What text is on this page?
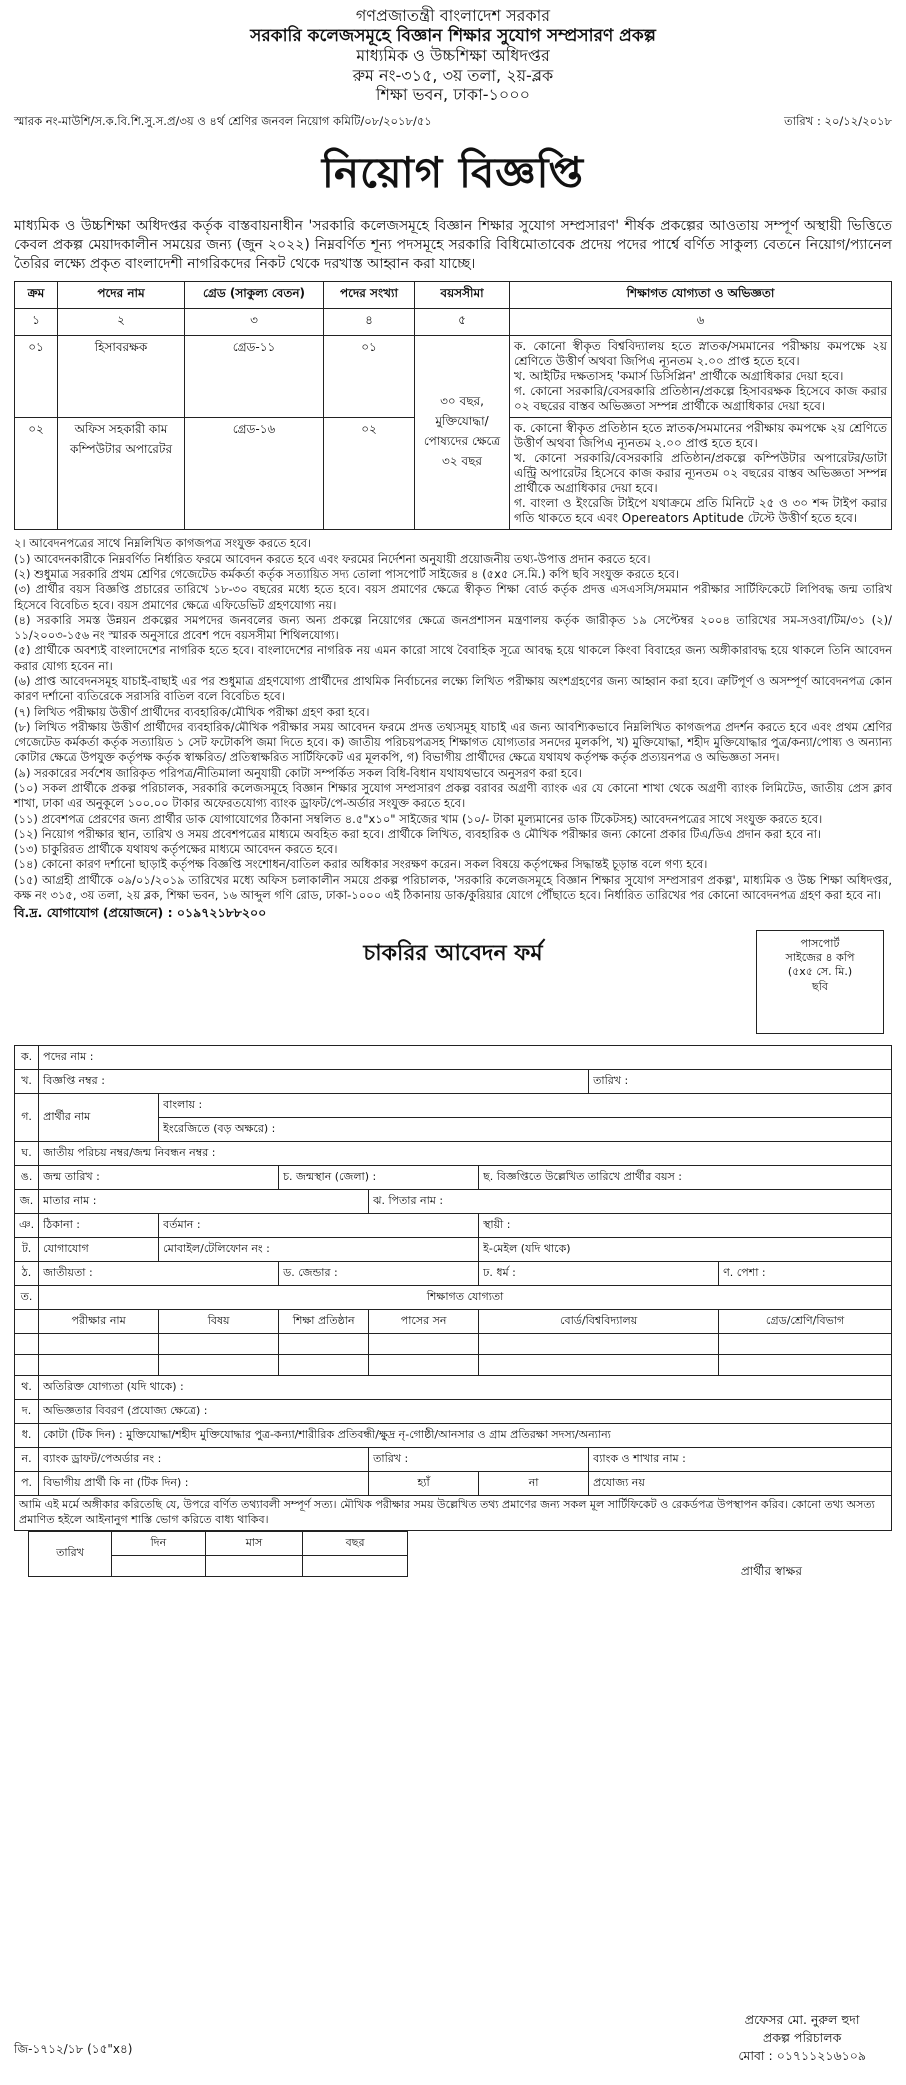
গণপ্রজাতন্ত্রী বাংলাদেশ সরকার
সরকারি কলেজসমূহে বিজ্ঞান শিক্ষার সুযোগ সম্প্রসারণ প্রকল্প
মাধ্যমিক ও উচ্চশিক্ষা অধিদপ্তর
রুম নং-৩১৫, ৩য় তলা, ২য়-ব্লক
শিক্ষা ভবন, ঢাকা-১০০০
স্মারক নং-মাউশি/স.ক.বি.শি.সু.স.প্র/৩য় ও ৪র্থ শ্রেণির জনবল নিয়োগ কমিটি/০৮/২০১৮/৫১	তারিখ : ২০/১২/২০১৮
নিয়োগ বিজ্ঞপ্তি
মাধ্যমিক ও উচ্চশিক্ষা অধিদপ্তর কর্তৃক বাস্তবায়নাধীন 'সরকারি কলেজসমূহে বিজ্ঞান শিক্ষার সুযোগ সম্প্রসারণ' শীর্ষক প্রকল্পের আওতায় সম্পূর্ণ অস্থায়ী ভিত্তিতে কেবল প্রকল্প মেয়াদকালীন সময়ের জন্য (জুন ২০২২) নিম্নবর্ণিত শূন্য পদসমূহে সরকারি বিধিমোতাবেক প্রদেয় পদের পার্শ্বে বর্ণিত সাকুল্য বেতনে নিয়োগ/প্যানেল তৈরির লক্ষ্যে প্রকৃত বাংলাদেশী নাগরিকদের নিকট থেকে দরখাস্ত আহ্বান করা যাচ্ছে।
ক্রম	পদের নাম	গ্রেড (সাকুল্য বেতন)	পদের সংখ্যা	বয়সসীমা	শিক্ষাগত যোগ্যতা ও অভিজ্ঞতা
১	২	৩	৪	৫	৬
০১	হিসাবরক্ষক	গ্রেড-১১	০১	৩০ বছর, মুক্তিযোদ্ধা/পোষ্যদের ক্ষেত্রে ৩২ বছর	ক. কোনো স্বীকৃত বিশ্ববিদ্যালয় হতে স্নাতক/সমমানের পরীক্ষায় কমপক্ষে ২য় শ্রেণিতে উত্তীর্ণ অথবা জিপিএ ন্যূনতম ২.০০ প্রাপ্ত হতে হবে।
খ. আইটির দক্ষতাসহ 'কমার্স ডিসিপ্লিন' প্রার্থীকে অগ্রাধিকার দেয়া হবে।
গ. কোনো সরকারি/বেসরকারি প্রতিষ্ঠান/প্রকল্পে হিসাবরক্ষক হিসেবে কাজ করার ০২ বছরের বাস্তব অভিজ্ঞতা সম্পন্ন প্রার্থীকে অগ্রাধিকার দেয়া হবে।

০২	অফিস সহকারী কাম কম্পিউটার অপারেটর	গ্রেড-১৬	০২		ক. কোনো স্বীকৃত প্রতিষ্ঠান হতে স্নাতক/সমমানের পরীক্ষায় কমপক্ষে ২য় শ্রেণিতে উত্তীর্ণ অথবা জিপিএ ন্যূনতম ২.০০ প্রাপ্ত হতে হবে।
খ. কোনো সরকারি/বেসরকারি প্রতিষ্ঠান/প্রকল্পে কম্পিউটার অপারেটর/ডাটা এন্ট্রি অপারেটর হিসেবে কাজ করার ন্যূনতম ০২ বছরের বাস্তব অভিজ্ঞতা সম্পন্ন প্রার্থীকে অগ্রাধিকার দেয়া হবে।
গ. বাংলা ও ইংরেজি টাইপে যথাক্রমে প্রতি মিনিটে ২৫ ও ৩০ শব্দ টাইপ করার গতি থাকতে হবে এবং Opereators Aptitude টেস্টে উত্তীর্ণ হতে হবে।

২। আবেদনপত্রের সাথে নিম্নলিখিত কাগজপত্র সংযুক্ত করতে হবে।

(১) আবেদনকারীকে নিম্নবর্ণিত নির্ধারিত ফরমে আবেদন করতে হবে এবং ফরমের নির্দেশনা অনুযায়ী প্রয়োজনীয় তথ্য-উপাত্ত প্রদান করতে হবে।

(২) শুধুমাত্র সরকারি প্রথম শ্রেণির গেজেটেড কর্মকর্তা কর্তৃক সত্যায়িত সদ্য তোলা পাসপোর্ট সাইজের ৪ (৫x৫ সে.মি.) কপি ছবি সংযুক্ত করতে হবে।

(৩) প্রার্থীর বয়স বিজ্ঞপ্তি প্রচারের তারিখে ১৮-৩০ বছরের মধ্যে হতে হবে। বয়স প্রমাণের ক্ষেত্রে স্বীকৃত শিক্ষা বোর্ড কর্তৃক প্রদত্ত এসএসসি/সমমান পরীক্ষার সার্টিফিকেটে লিপিবদ্ধ জন্ম তারিখ হিসেবে বিবেচিত হবে। বয়স প্রমাণের ক্ষেত্রে এফিডেভিট গ্রহণযোগ্য নয়।

(৪) সরকারি সমস্ত উন্নয়ন প্রকল্পের সমপদের জনবলের জন্য অন্য প্রকল্পে নিয়োগের ক্ষেত্রে জনপ্রশাসন মন্ত্রণালয় কর্তৃক জারীকৃত ১৯ সেপ্টেম্বর ২০০৪ তারিখের সম-সওবা/টিম/৩১ (২)/১১/২০০৩-১৫৬ নং স্মারক অনুসারে প্রবেশ পদে বয়সসীমা শিথিলযোগ্য।

(৫) প্রার্থীকে অবশ্যই বাংলাদেশের নাগরিক হতে হবে। বাংলাদেশের নাগরিক নয় এমন কারো সাথে বৈবাহিক সূত্রে আবদ্ধ হয়ে থাকলে কিংবা বিবাহের জন্য অঙ্গীকারাবদ্ধ হয়ে থাকলে তিনি আবেদন করার যোগ্য হবেন না।

(৬) প্রাপ্ত আবেদনসমূহ যাচাই-বাছাই এর পর শুধুমাত্র গ্রহণযোগ্য প্রার্থীদের প্রাথমিক নির্বাচনের লক্ষ্যে লিখিত পরীক্ষায় অংশগ্রহণের জন্য আহ্বান করা হবে। ত্রুটিপূর্ণ ও অসম্পূর্ণ আবেদনপত্র কোন কারণ দর্শানো ব্যতিরেকে সরাসরি বাতিল বলে বিবেচিত হবে।

(৭) লিখিত পরীক্ষায় উত্তীর্ণ প্রার্থীদের ব্যবহারিক/মৌখিক পরীক্ষা গ্রহণ করা হবে।

(৮) লিখিত পরীক্ষায় উত্তীর্ণ প্রার্থীদের ব্যবহারিক/মৌখিক পরীক্ষার সময় আবেদন ফরমে প্রদত্ত তথ্যসমূহ যাচাই এর জন্য আবশ্যিকভাবে নিম্নলিখিত কাগজপত্র প্রদর্শন করতে হবে এবং প্রথম শ্রেণির গেজেটেড কর্মকর্তা কর্তৃক সত্যায়িত ১ সেট ফটোকপি জমা দিতে হবে। ক) জাতীয় পরিচয়পত্রসহ শিক্ষাগত যোগ্যতার সনদের মূলকপি, খ) মুক্তিযোদ্ধা, শহীদ মুক্তিযোদ্ধার পুত্র/কন্যা/পোষ্য ও অন্যান্য কোটার ক্ষেত্রে উপযুক্ত কর্তৃপক্ষ কর্তৃক স্বাক্ষরিত/ প্রতিস্বাক্ষরিত সার্টিফিকেট এর মূলকপি, গ) বিভাগীয় প্রার্থীদের ক্ষেত্রে যথাযথ কর্তৃপক্ষ কর্তৃক প্রত্যয়নপত্র ও অভিজ্ঞতা সনদ।

(৯) সরকারের সর্বশেষ জারিকৃত পরিপত্র/নীতিমালা অনুযায়ী কোটা সম্পর্কিত সকল বিধি-বিধান যথাযথভাবে অনুসরণ করা হবে।

(১০) সকল প্রার্থীকে প্রকল্প পরিচালক, সরকারি কলেজসমূহে বিজ্ঞান শিক্ষার সুযোগ সম্প্রসারণ প্রকল্প বরাবর অগ্রণী ব্যাংক এর যে কোনো শাখা থেকে অগ্রণী ব্যাংক লিমিটেড, জাতীয় প্রেস ক্লাব শাখা, ঢাকা এর অনুকূলে ১০০.০০ টাকার অফেরতযোগ্য ব্যাংক ড্রাফট/পে-অর্ডার সংযুক্ত করতে হবে।

(১১) প্রবেশপত্র প্রেরণের জন্য প্রার্থীর ডাক যোগাযোগের ঠিকানা সম্বলিত ৪.৫"x১০" সাইজের খাম (১০/- টাকা মূল্যমানের ডাক টিকেটসহ) আবেদনপত্রের সাথে সংযুক্ত করতে হবে।

(১২) নিয়োগ পরীক্ষার স্থান, তারিখ ও সময় প্রবেশপত্রের মাধ্যমে অবহিত করা হবে। প্রার্থীকে লিখিত, ব্যবহারিক ও মৌখিক পরীক্ষার জন্য কোনো প্রকার টিএ/ডিএ প্রদান করা হবে না।

(১৩) চাকুরিরত প্রার্থীকে যথাযথ কর্তৃপক্ষের মাধ্যমে আবেদন করতে হবে।

(১৪) কোনো কারণ দর্শানো ছাড়াই কর্তৃপক্ষ বিজ্ঞপ্তি সংশোধন/বাতিল করার অধিকার সংরক্ষণ করেন। সকল বিষয়ে কর্তৃপক্ষের সিদ্ধান্তই চূড়ান্ত বলে গণ্য হবে।

(১৫) আগ্রহী প্রার্থীকে ০৯/০১/২০১৯ তারিখের মধ্যে অফিস চলাকালীন সময়ে প্রকল্প পরিচালক, 'সরকারি কলেজসমূহে বিজ্ঞান শিক্ষার সুযোগ সম্প্রসারণ প্রকল্প', মাধ্যমিক ও উচ্চ শিক্ষা অধিদপ্তর, কক্ষ নং ৩১৫, ৩য় তলা, ২য় ব্লক, শিক্ষা ভবন, ১৬ আব্দুল গণি রোড, ঢাকা-১০০০ এই ঠিকানায় ডাক/কুরিয়ার যোগে পৌঁছাতে হবে। নির্ধারিত তারিখের পর কোনো আবেদনপত্র গ্রহণ করা হবে না।

বি.দ্র. যোগাযোগ (প্রয়োজনে) : ০১৯৭২১৮৮২০০
চাকরির আবেদন ফর্ম	পাসপোর্ট
সাইজের ৪ কপি
(৫x৫ সে. মি.)
ছবি
ক.	পদের নাম :						
খ.	বিজ্ঞপ্তি নম্বর :					তারিখ :	
গ.	প্রার্থীর নাম	বাংলায় :					
		ইংরেজিতে (বড় অক্ষরে) :					
ঘ.	জাতীয় পরিচয় নম্বর/জন্ম নিবন্ধন নম্বর :						
ঙ.	জন্ম তারিখ :		চ. জন্মস্থান (জেলা) :		ছ. বিজ্ঞপ্তিতে উল্লেখিত তারিখে প্রার্থীর বয়স :		
জ.	মাতার নাম :			ঝ. পিতার নাম :			
ঞ.	ঠিকানা :	বর্তমান :			স্থায়ী :		
ট.	যোগাযোগ	মোবাইল/টেলিফোন নং :			ই-মেইল (যদি থাকে)		
ঠ.	জাতীয়তা :		ড. জেন্ডার :		ঢ. ধর্ম :		ণ. পেশা :
ত.	শিক্ষাগত যোগ্যতা						
	পরীক্ষার নাম	বিষয়	শিক্ষা প্রতিষ্ঠান	পাসের সন	বোর্ড/বিশ্ববিদ্যালয়		গ্রেড/শ্রেণি/বিভাগ

থ.	অতিরিক্ত যোগ্যতা (যদি থাকে) :						
দ.	অভিজ্ঞতার বিবরণ (প্রযোজ্য ক্ষেত্রে) :						
ধ.	কোটা (টিক দিন) : মুক্তিযোদ্ধা/শহীদ মুক্তিযোদ্ধার পুত্র-কন্যা/শারীরিক প্রতিবন্ধী/ক্ষুদ্র নৃ-গোষ্ঠী/আনসার ও গ্রাম প্রতিরক্ষা সদস্য/অন্যান্য						
ন.	ব্যাংক ড্রাফট/পেঅর্ডার নং :			তারিখ :		ব্যাংক ও শাখার নাম :	
প.	বিভাগীয় প্রার্থী কি না (টিক দিন) :			হ্যাঁ	না	প্রযোজ্য নয়	
আমি এই মর্মে অঙ্গীকার করিতেছি যে, উপরে বর্ণিত তথ্যাবলী সম্পূর্ণ সত্য। মৌখিক পরীক্ষার সময় উল্লেখিত তথ্য প্রমাণের জন্য সকল মূল সার্টিফিকেট ও রেকর্ডপত্র উপস্থাপন করিব। কোনো তথ্য অসত্য প্রমাণিত হইলে আইনানুগ শাস্তি ভোগ করিতে বাধ্য থাকিব।							
তারিখ	দিন	মাস	বছর

প্রার্থীর স্বাক্ষর
জি-১৭১২/১৮ (১৫"x৪)
প্রফেসর মো. নুরুল হুদা
প্রকল্প পরিচালক
মোবা : ০১৭১১২১৬১০৯
